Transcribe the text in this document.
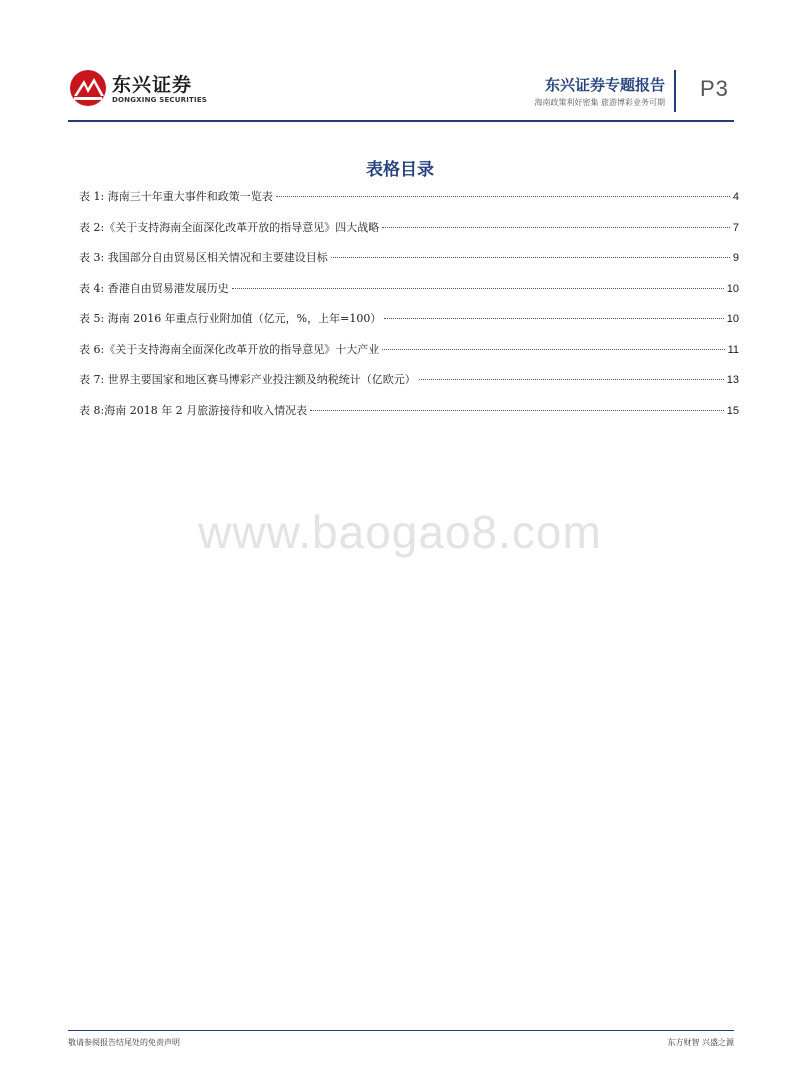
东兴证券
DONGXING SECURITIES
东兴证券专题报告
海南政策利好密集 旅游博彩业务可期
P3
表格目录
表 1: 海南三十年重大事件和政策一览表	4
表 2:《关于支持海南全面深化改革开放的指导意见》四大战略	7
表 3: 我国部分自由贸易区相关情况和主要建设目标	9
表 4: 香港自由贸易港发展历史	10
表 5: 海南 2016 年重点行业附加值（亿元，%，上年=100）	10
表 6:《关于支持海南全面深化改革开放的指导意见》十大产业	11
表 7: 世界主要国家和地区赛马博彩产业投注额及纳税统计（亿欧元）	13
表 8:海南 2018 年 2 月旅游接待和收入情况表	15
www.baogao8.com
敬请参阅报告结尾处的免责声明	东方财智 兴盛之源
